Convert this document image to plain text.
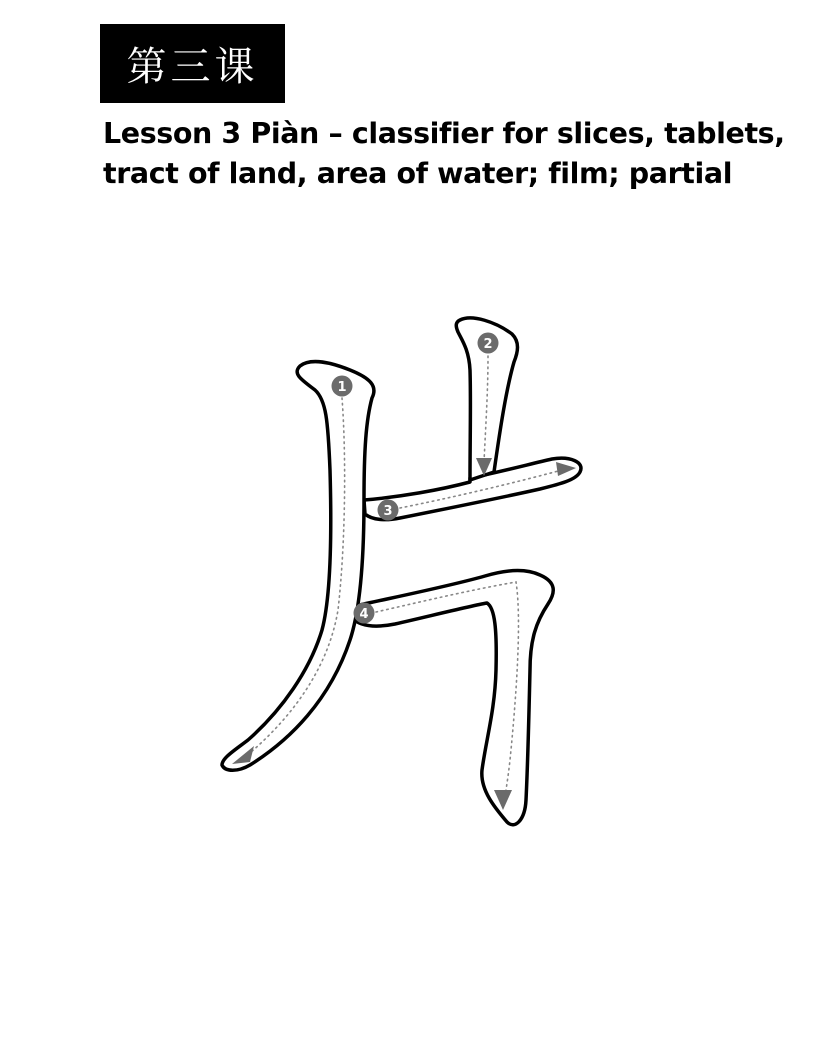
第三课
Lesson 3 Piàn – classifier for slices, tablets, tract of land, area of water; film; partial
1
2
3
4
